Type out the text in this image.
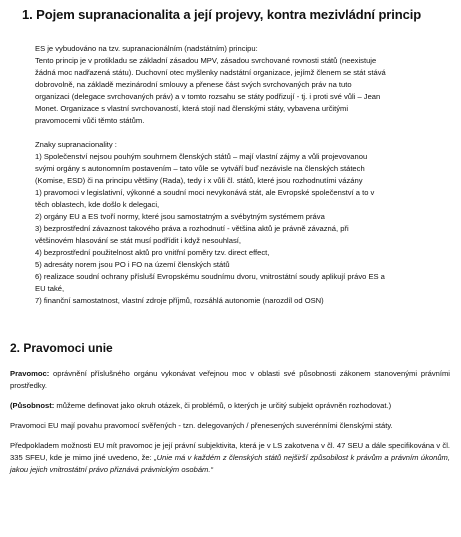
1. Pojem supranacionalita a její projevy, kontra mezivládní princip
ES je vybudováno na tzv. supranacionálním (nadstátním) principu:
Tento princip je v protikladu se základní zásadou MPV, zásadou svrchované rovnosti států (neexistuje
žádná moc nadřazená státu). Duchovní otec myšlenky nadstátní organizace, jejímž členem se stát stává
dobrovolně, na základě mezinárodní smlouvy a přenese část svých svrchovaných práv na tuto
organizaci (delegace svrchovaných práv) a v tomto rozsahu se státy podřizují - tj. i proti své vůli – Jean
Monet. Organizace s vlastní svrchovaností, která stojí nad členskými státy, vybavena určitými
pravomocemi vůči těmto státům.
Znaky supranacionality :
1) Společenství nejsou pouhým souhrnem členských států – mají vlastní zájmy a vůli projevovanou
svými orgány s autonomním postavením – tato vůle se vytváří buď nezávisle na členských státech
(Komise, ESD) či na principu většiny (Rada), tedy i x vůli čl. států, které jsou rozhodnutími vázány
1) pravomoci v legislativní, výkonné a soudní moci nevykonává stát, ale Evropské společenství a to v
těch oblastech, kde došlo k delegaci,
2) orgány EU a ES tvoří normy, které jsou samostatným a svébytným systémem práva
3) bezprostřední závaznost takového práva a rozhodnutí - většina aktů je právně závazná, při
většinovém hlasování se stát musí podřídit i když nesouhlasí,
4) bezprostřední použitelnost aktů pro vnitřní poměry tzv. direct effect,
5) adresáty norem jsou PO i FO na území členských států
6) realizace soudní ochrany přísluší Evropskému soudnímu dvoru, vnitrostátní soudy aplikují právo ES a
EU také,
7) finanční samostatnost, vlastní zdroje příjmů, rozsáhlá autonomie (narozdíl od OSN)
2. Pravomoci unie

Pravomoc: oprávnění příslušného orgánu vykonávat veřejnou moc v oblasti své působnosti zákonem stanovenými právními prostředky.

(Působnost: můžeme definovat jako okruh otázek, či problémů, o kterých je určitý subjekt oprávněn rozhodovat.)

Pravomoci EU mají povahu pravomocí svěřených - tzn. delegovaných / přenesených suverénními členskými státy.

Předpokladem možnosti EU mít pravomoc je její právní subjektivita, která je v LS zakotvena v čl. 47 SEU a dále specifikována v čl. 335 SFEU, kde je mimo jiné uvedeno, že: „Unie má v každém z členských států nejširší způsobilost k právům a právním úkonům, jakou jejich vnitrostátní právo přiznává právnickým osobám.“
